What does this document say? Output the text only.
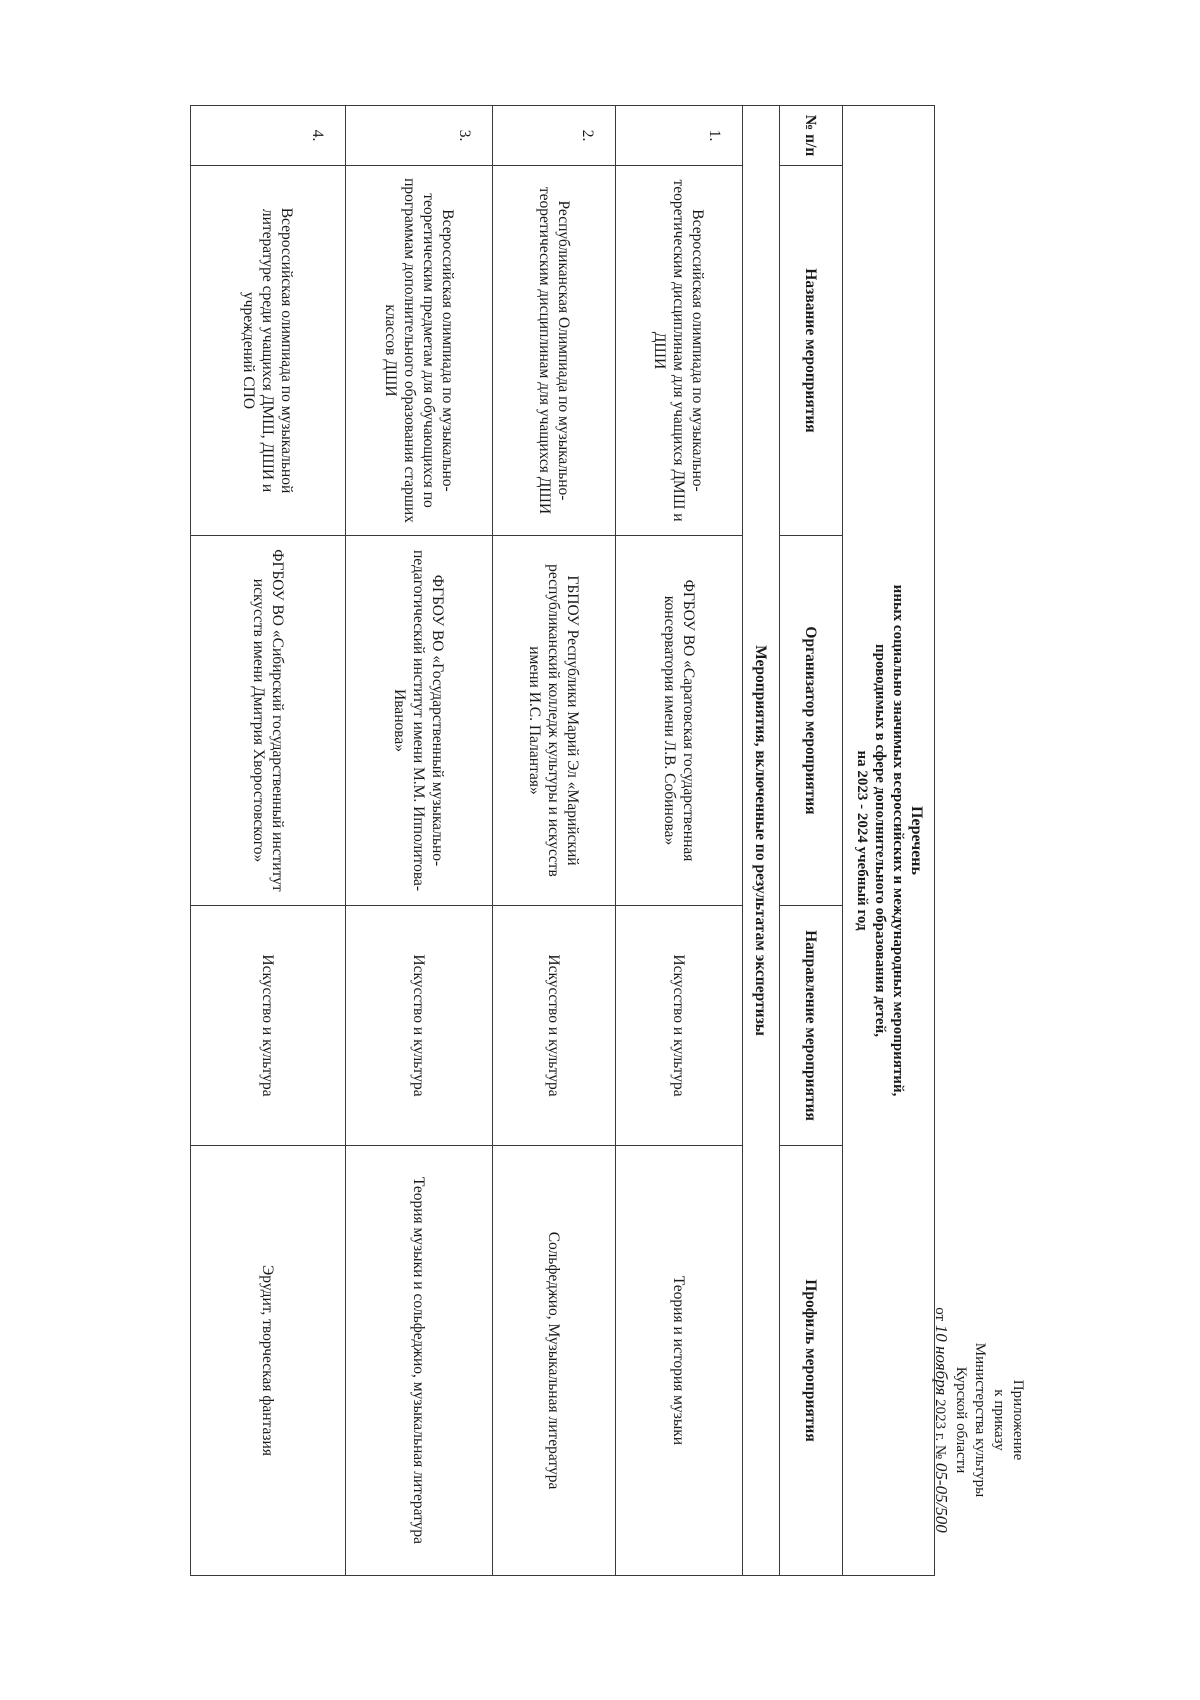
Приложение
к приказу
Министерства культуры
Курской области
от 10 ноября 2023 г. № 05-05/500
Перечень
иных социально значимых всероссийских и международных мероприятий,
проводимых в сфере дополнительного образования детей,
на 2023 - 2024 учебный год				

№ п/п	Название мероприятия	Организатор мероприятия	Направление мероприятия	Профиль мероприятия
Мероприятия, включенные по результатам экспертизы				
1.	Всероссийская олимпиада по музыкально-теоретическим дисциплинам для учащихся ДМШ и ДШИ	ФГБОУ ВО «Саратовская государственная консерватория имени Л.В. Собинова»	Искусство и культура	Теория и история музыки
2.	Республиканская Олимпиада по музыкально-теоретическим дисциплинам для учащихся ДШИ	ГБПОУ Республики Марий Эл «Марийский республиканский колледж культуры и искусств имени И.С. Палантая»	Искусство и культура	Сольфеджио, Музыкальная литература
3.	Всероссийская олимпиада по музыкально-теоретическим предметам для обучающихся по программам дополнительного образования старших классов ДШИ	ФГБОУ ВО «Государственный музыкально-педагогический институт имени М.М. Ипполитова-Иванова»	Искусство и культура	Теория музыки и сольфеджио, музыкальная литература
4.	Всероссийская олимпиада по музыкальной литературе среди учащихся ДМШ, ДШИ и учреждений СПО	ФГБОУ ВО «Сибирский государственный институт искусств имени Дмитрия Хворостовского»	Искусство и культура	Эрудит, творческая фантазия
